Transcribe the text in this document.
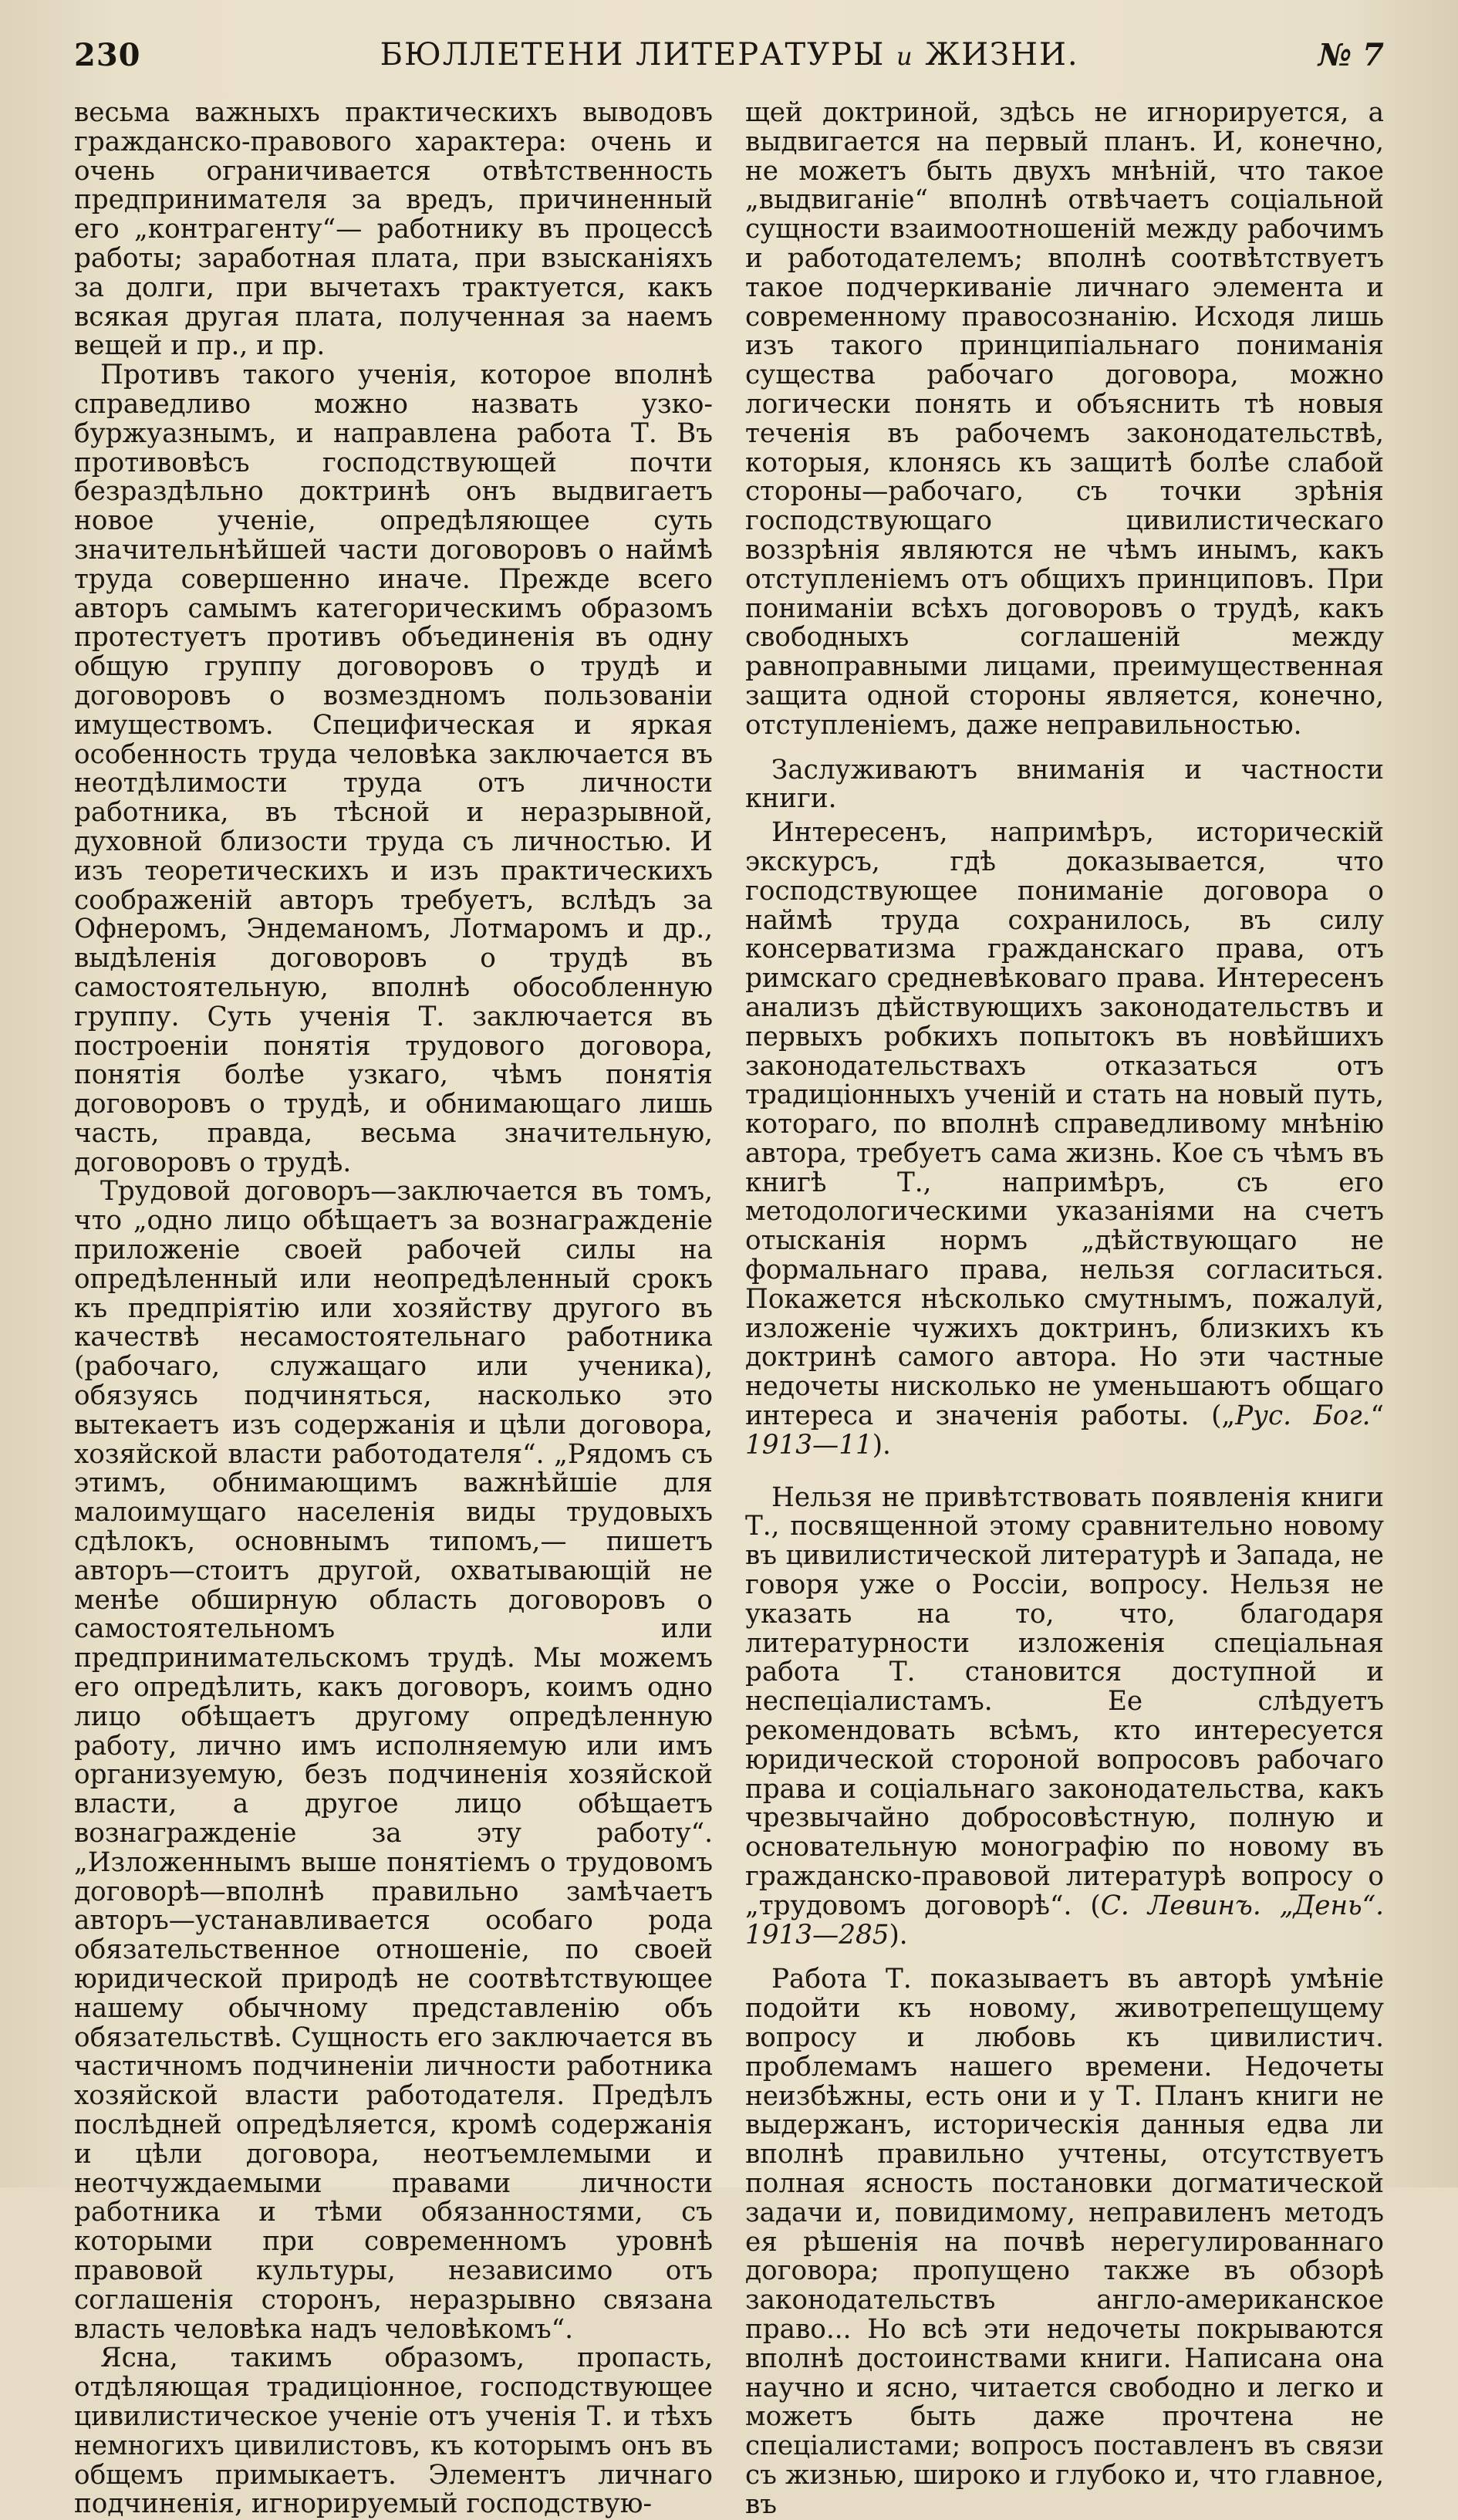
230	БЮЛЛЕТЕНИ ЛИТЕРАТУРЫ и ЖИЗНИ.	№ 7

весьма важныхъ практическихъ выводовъ гражданско-правового характера: очень и очень ограничивается отвѣтственность предпринимателя за вредъ, причиненный его „контрагенту“— работнику въ процессѣ работы; заработная плата, при взысканіяхъ за долги, при вычетахъ трактуется, какъ всякая другая плата, полученная за наемъ вещей и пр., и пр.

Противъ такого ученія, которое вполнѣ справедливо можно назвать узко-буржуазнымъ, и направлена работа Т. Въ противовѣсъ господствующей почти безраздѣльно доктринѣ онъ выдвигаетъ новое ученіе, опредѣляющее суть значительнѣйшей части договоровъ о наймѣ труда совершенно иначе. Прежде всего авторъ самымъ категорическимъ образомъ протестуетъ противъ объединенія въ одну общую группу договоровъ о трудѣ и договоровъ о возмездномъ пользованіи имуществомъ. Специфическая и яркая особенность труда человѣка заключается въ неотдѣлимости труда отъ личности работника, въ тѣсной и неразрывной, духовной близости труда съ личностью. И изъ теоретическихъ и изъ практическихъ соображеній авторъ требуетъ, вслѣдъ за Офнеромъ, Эндеманомъ, Лотмаромъ и др., выдѣленія договоровъ о трудѣ въ самостоятельную, вполнѣ обособленную группу. Суть ученія Т. заключается въ построеніи понятія трудового договора, понятія болѣе узкаго, чѣмъ понятія договоровъ о трудѣ, и обнимающаго лишь часть, правда, весьма значительную, договоровъ о трудѣ.

Трудовой договоръ—заключается въ томъ, что „одно лицо обѣщаетъ за вознагражденіе приложеніе своей рабочей силы на опредѣленный или неопредѣленный срокъ къ предпріятію или хозяйству другого въ качествѣ несамостоятельнаго работника (рабочаго, служащаго или ученика), обязуясь подчиняться, насколько это вытекаетъ изъ содержанія и цѣли договора, хозяйской власти работодателя“. „Рядомъ съ этимъ, обнимающимъ важнѣйшіе для малоимущаго населенія виды трудовыхъ сдѣлокъ, основнымъ типомъ,— пишетъ авторъ—стоитъ другой, охватывающій не менѣе обширную область договоровъ о самостоятельномъ или предпринимательскомъ трудѣ. Мы можемъ его опредѣлить, какъ договоръ, коимъ одно лицо обѣщаетъ другому опредѣленную работу, лично имъ исполняемую или имъ организуемую, безъ подчиненія хозяйской власти, а другое лицо обѣщаетъ вознагражденіе за эту работу“. „Изложеннымъ выше понятіемъ о трудовомъ договорѣ—вполнѣ правильно замѣчаетъ авторъ—устанавливается особаго рода обязательственное отношеніе, по своей юридической природѣ не соотвѣтствующее нашему обычному представленію объ обязательствѣ. Сущность его заключается въ частичномъ подчиненіи личности работника хозяйской власти работодателя. Предѣлъ послѣдней опредѣляется, кромѣ содержанія и цѣли договора, неотъемлемыми и неотчуждаемыми правами личности работника и тѣми обязанностями, съ которыми при современномъ уровнѣ правовой культуры, независимо отъ соглашенія сторонъ, неразрывно связана власть человѣка надъ человѣкомъ“.

Ясна, такимъ образомъ, пропасть, отдѣляющая традиціонное, господствующее цивилистическое ученіе отъ ученія Т. и тѣхъ немногихъ цивилистовъ, къ которымъ онъ въ общемъ примыкаетъ. Элементъ личнаго подчиненія, игнорируемый господствую-

щей доктриной, здѣсь не игнорируется, а выдвигается на первый планъ. И, конечно, не можетъ быть двухъ мнѣній, что такое „выдвиганіе“ вполнѣ отвѣчаетъ соціальной сущности взаимоотношеній между рабочимъ и работодателемъ; вполнѣ соотвѣтствуетъ такое подчеркиваніе личнаго элемента и современному правосознанію. Исходя лишь изъ такого принципіальнаго пониманія существа рабочаго договора, можно логически понять и объяснить тѣ новыя теченія въ рабочемъ законодательствѣ, которыя, клонясь къ защитѣ болѣе слабой стороны—рабочаго, съ точки зрѣнія господствующаго цивилистическаго воззрѣнія являются не чѣмъ инымъ, какъ отступленіемъ отъ общихъ принциповъ. При пониманіи всѣхъ договоровъ о трудѣ, какъ свободныхъ соглашеній между равноправными лицами, преимущественная защита одной стороны является, конечно, отступленіемъ, даже неправильностью.

Заслуживаютъ вниманія и частности книги.

Интересенъ, напримѣръ, историческій экскурсъ, гдѣ доказывается, что господствующее пониманіе договора о наймѣ труда сохранилось, въ силу консерватизма гражданскаго права, отъ римскаго средневѣковаго права. Интересенъ анализъ дѣйствующихъ законодательствъ и первыхъ робкихъ попытокъ въ новѣйшихъ законодательствахъ отказаться отъ традиціонныхъ ученій и стать на новый путь, котораго, по вполнѣ справедливому мнѣнію автора, требуетъ сама жизнь. Кое съ чѣмъ въ книгѣ Т., напримѣръ, съ его методологическими указаніями на счетъ отысканія нормъ „дѣйствующаго не формальнаго права, нельзя согласиться. Покажется нѣсколько смутнымъ, пожалуй, изложеніе чужихъ доктринъ, близкихъ къ доктринѣ самого автора. Но эти частные недочеты нисколько не уменьшаютъ общаго интереса и значенія работы. („Рус. Бог.“ 1913—11).

Нельзя не привѣтствовать появленія книги Т., посвященной этому сравнительно новому въ цивилистической литературѣ и Запада, не говоря уже о Россіи, вопросу. Нельзя не указать на то, что, благодаря литературности изложенія спеціальная работа Т. становится доступной и неспеціалистамъ. Ее слѣдуетъ рекомендовать всѣмъ, кто интересуется юридической стороной вопросовъ рабочаго права и соціальнаго законодательства, какъ чрезвычайно добросовѣстную, полную и основательную монографію по новому въ гражданско-правовой литературѣ вопросу о „трудовомъ договорѣ“. (С. Левинъ. „День“. 1913—285).

Работа Т. показываетъ въ авторѣ умѣніе подойти къ новому, животрепещущему вопросу и любовь къ цивилистич. проблемамъ нашего времени. Недочеты неизбѣжны, есть они и у Т. Планъ книги не выдержанъ, историческія данныя едва ли вполнѣ правильно учтены, отсутствуетъ полная ясность постановки догматической задачи и, повидимому, неправиленъ методъ ея рѣшенія на почвѣ нерегулированнаго договора; пропущено также въ обзорѣ законодательствъ англо-американское право... Но всѣ эти недочеты покрываются вполнѣ достоинствами книги. Написана она научно и ясно, читается свободно и легко и можетъ быть даже прочтена не спеціалистами; вопросъ поставленъ въ связи съ жизнью, широко и глубоко и, что главное, въ
